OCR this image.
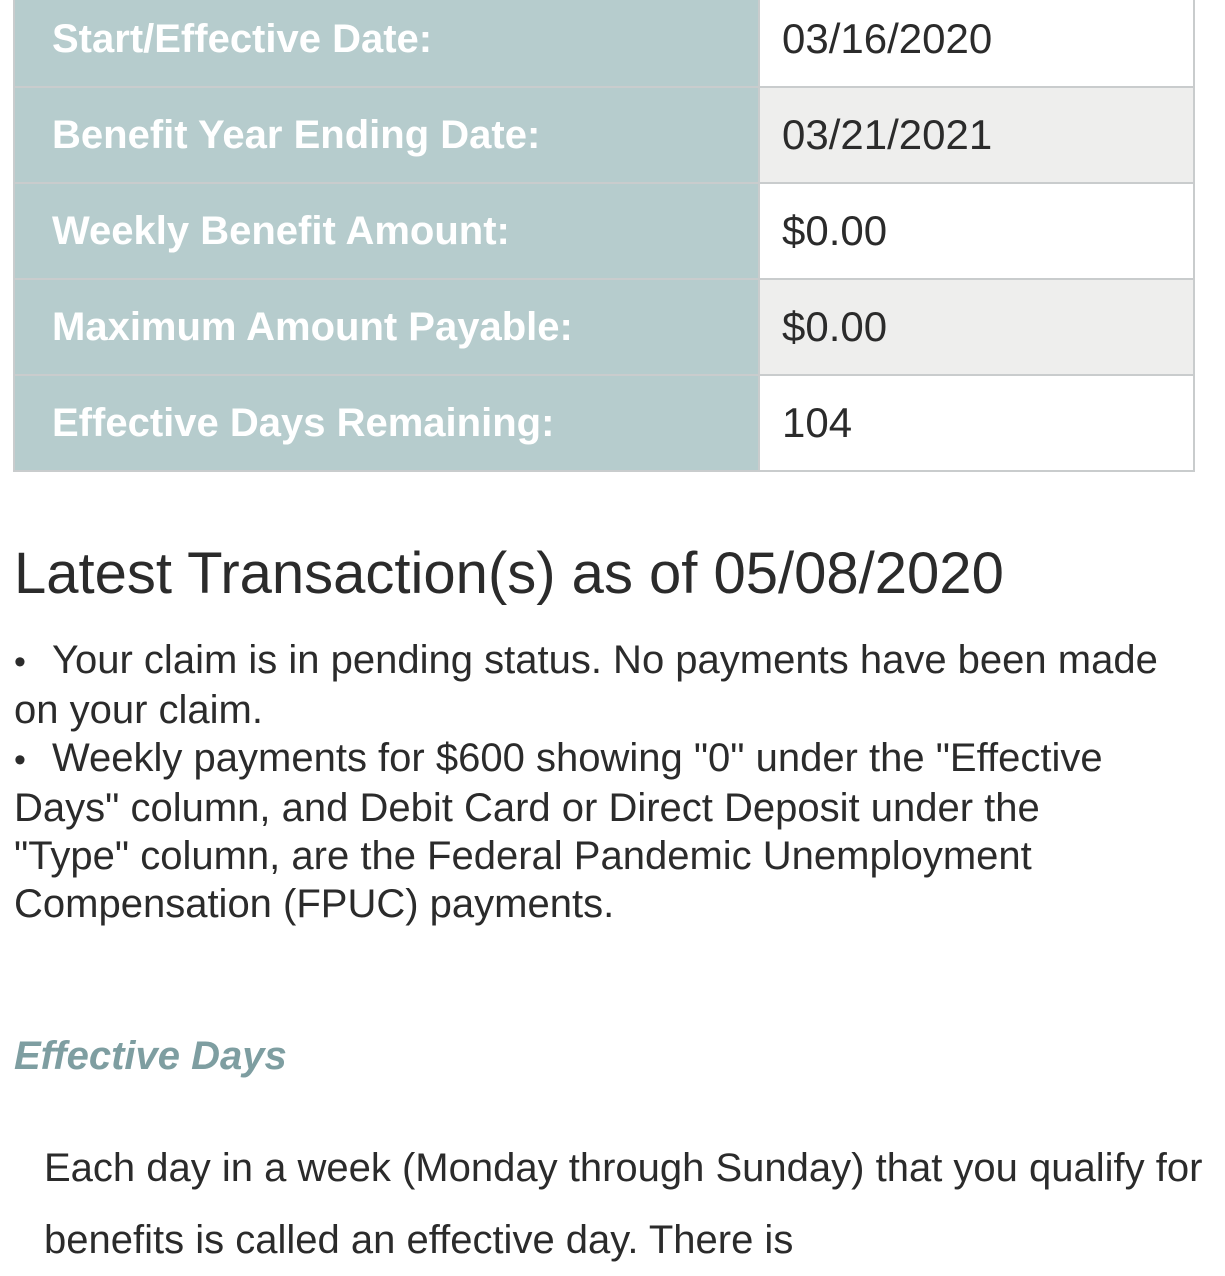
Start/Effective Date:	03/16/2020
Benefit Year Ending Date:	03/21/2021
Weekly Benefit Amount:	$0.00
Maximum Amount Payable:	$0.00
Effective Days Remaining:	104
Latest Transaction(s) as of 05/08/2020
• Your claim is in pending status. No payments have been made on your claim.
• Weekly payments for $600 showing "0" under the "Effective Days" column, and Debit Card or Direct Deposit under the "Type" column, are the Federal Pandemic Unemployment Compensation (FPUC) payments.
Effective Days

Each day in a week (Monday through Sunday) that you qualify for benefits is called an effective day. There is
